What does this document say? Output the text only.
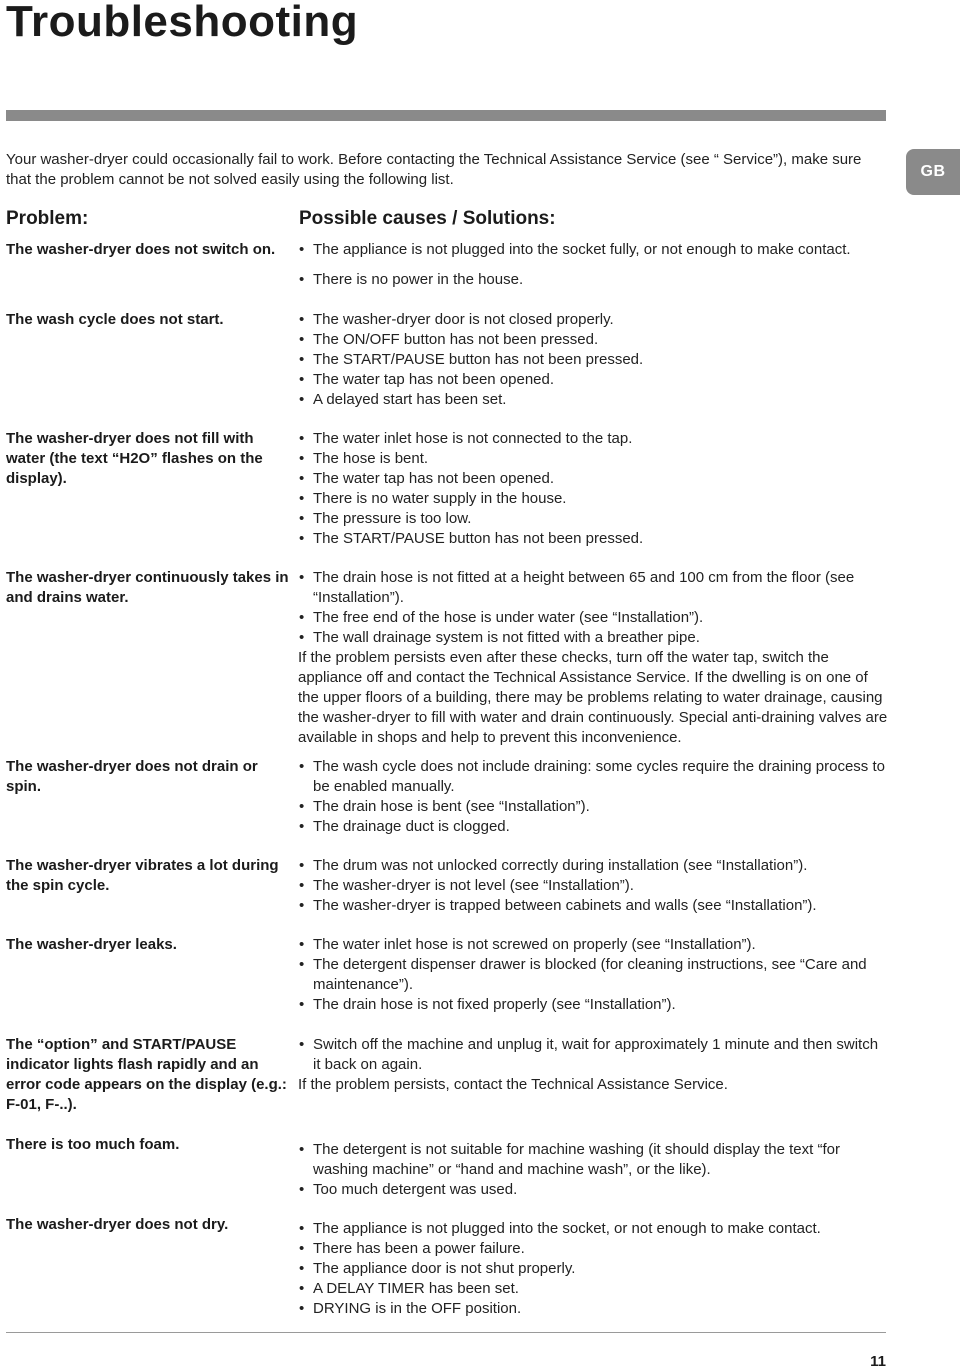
Troubleshooting
GB
Your washer-dryer could occasionally fail to work. Before contacting the Technical Assistance Service (see “ Service”), make sure that the problem cannot be not solved easily using the following list.
Problem:	Possible causes / Solutions:
The washer-dryer does not switch on.	• The appliance is not plugged into the socket fully, or not enough to make contact.
• There is no power in the house.
The wash cycle does not start.	• The washer-dryer door is not closed properly.
• The ON/OFF button has not been pressed.
• The START/PAUSE button has not been pressed.
• The water tap has not been opened.
• A delayed start has been set.
The washer-dryer does not fill with water (the text “H2O” flashes on the display).
• The water inlet hose is not connected to the tap.
• The hose is bent.
• The water tap has not been opened.
• There is no water supply in the house.
• The pressure is too low.
• The START/PAUSE button has not been pressed.
The washer-dryer continuously takes in and drains water.
• The drain hose is not fitted at a height between 65 and 100 cm from the floor (see “Installation”).
• The free end of the hose is under water (see “Installation”).
• The wall drainage system is not fitted with a breather pipe.

If the problem persists even after these checks, turn off the water tap, switch the appliance off and contact the Technical Assistance Service. If the dwelling is on one of the upper floors of a building, there may be problems relating to water drainage, causing the washer-dryer to fill with water and drain continuously. Special anti-draining valves are available in shops and help to prevent this inconvenience.

The washer-dryer does not drain or spin.
• The wash cycle does not include draining: some cycles require the draining process to be enabled manually.
• The drain hose is bent (see “Installation”).
• The drainage duct is clogged.
The washer-dryer vibrates a lot during the spin cycle.
• The drum was not unlocked correctly during installation (see “Installation”).
• The washer-dryer is not level (see “Installation”).
• The washer-dryer is trapped between cabinets and walls (see “Installation”).
The washer-dryer leaks.	• The water inlet hose is not screwed on properly (see “Installation”).
• The detergent dispenser drawer is blocked (for cleaning instructions, see “Care and maintenance”).
• The drain hose is not fixed properly (see “Installation”).
The “option” and START/PAUSE indicator lights flash rapidly and an error code appears on the display (e.g.: F-01, F-..).
• Switch off the machine and unplug it, wait for approximately 1 minute and then switch it back on again.

If the problem persists, contact the Technical Assistance Service.

There is too much foam.	• The detergent is not suitable for machine washing (it should display the text “for washing machine” or “hand and machine wash”, or the like).
• Too much detergent was used.
The washer-dryer does not dry.	• The appliance is not plugged into the socket, or not enough to make contact.
• There has been a power failure.
• The appliance door is not shut properly.
• A DELAY TIMER has been set.
• DRYING is in the OFF position.
11
